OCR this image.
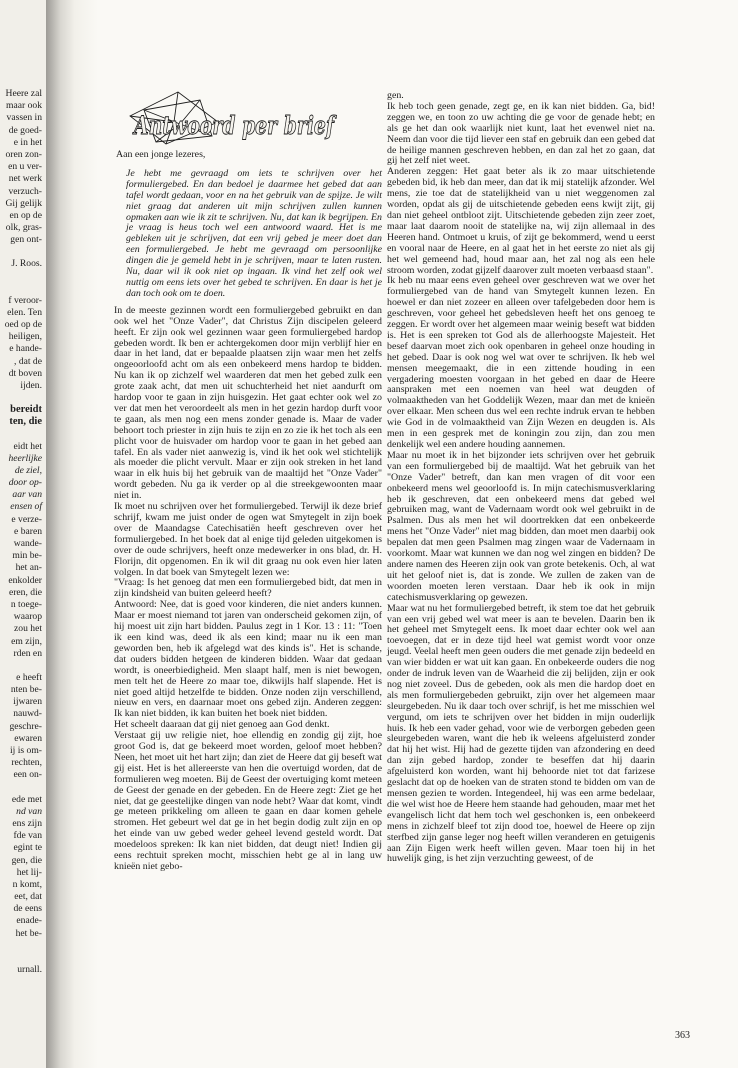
Heere zal
maar ook
vassen in
de goed-
e in het
oren zon-
en u ver-
net werk
verzuch-
Gij gelijk
en op de
olk, gras-
gen ont-
J. Roos.
f veroor-
elen. Ten
oed op de
heiligen,
e hande-
, dat de
dt boven
ijden.
bereidt
ten, die
eidt het
heerlijke
de ziel,
door op-
aar van
ensen of
e verze-
e baren
wande-
min be-
het an-
enkolder
eren, die
n toege-
waarop
zou het
em zijn,
rden en
e heeft
nten be-
ijwaren
nauwd-
geschre-
ewaren
ij is om-
rechten,
een on-
ede met
nd van
ens zijn
fde van
egint te
gen, die
het lij-
n komt,
eet, dat
de eens
enade-
het be-
urnall.
Antwoord per brief

Aan een jonge lezeres,

Je hebt me gevraagd om iets te schrijven over het formuliergebed. En dan bedoel je daarmee het gebed dat aan tafel wordt gedaan, voor en na het gebruik van de spijze. Je wilt niet graag dat anderen uit mijn schrijven zullen kunnen opmaken aan wie ik zit te schrijven. Nu, dat kan ik begrijpen. En je vraag is heus toch wel een antwoord waard. Het is me gebleken uit je schrijven, dat een vrij gebed je meer doet dan een formuliergebed. Je hebt me gevraagd om persoonlijke dingen die je gemeld hebt in je schrijven, maar te laten rusten. Nu, daar wil ik ook niet op ingaan. Ik vind het zelf ook wel nuttig om eens iets over het gebed te schrijven. En daar is het je dan toch ook om te doen.

In de meeste gezinnen wordt een formuliergebed gebruikt en dan ook wel het "Onze Vader", dat Christus Zijn discipelen geleerd heeft. Er zijn ook wel gezinnen waar geen formuliergebed hardop gebeden wordt. Ik ben er achtergekomen door mijn verblijf hier en daar in het land, dat er bepaalde plaatsen zijn waar men het zelfs ongeoorloofd acht om als een onbekeerd mens hardop te bidden. Nu kan ik op zichzelf wel waarderen dat men het gebed zulk een grote zaak acht, dat men uit schuchterheid het niet aandurft om hardop voor te gaan in zijn huisgezin. Het gaat echter ook wel zo ver dat men het veroordeelt als men in het gezin hardop durft voor te gaan, als men nog een mens zonder genade is. Maar de vader behoort toch priester in zijn huis te zijn en zo zie ik het toch als een plicht voor de huisvader om hardop voor te gaan in het gebed aan tafel. En als vader niet aanwezig is, vind ik het ook wel stichtelijk als moeder die plicht vervult. Maar er zijn ook streken in het land waar in elk huis bij het gebruik van de maaltijd het "Onze Vader" wordt gebeden. Nu ga ik verder op al die streekgewoonten maar niet in.

Ik moet nu schrijven over het formuliergebed. Terwijl ik deze brief schrijf, kwam me juist onder de ogen wat Smytegelt in zijn boek over de Maandagse Catechisatiën heeft geschreven over het formuliergebed. In het boek dat al enige tijd geleden uitgekomen is over de oude schrijvers, heeft onze medewerker in ons blad, dr. H. Florijn, dit opgenomen. En ik wil dit graag nu ook even hier laten volgen. In dat boek van Smytegelt lezen we:

"Vraag: Is het genoeg dat men een formuliergebed bidt, dat men in zijn kindsheid van buiten geleerd heeft?

Antwoord: Nee, dat is goed voor kinderen, die niet anders kunnen. Maar er moest niemand tot jaren van onderscheid gekomen zijn, of hij moest uit zijn hart bidden. Paulus zegt in 1 Kor. 13 : 11: "Toen ik een kind was, deed ik als een kind; maar nu ik een man geworden ben, heb ik afgelegd wat des kinds is". Het is schande, dat ouders bidden hetgeen de kinderen bidden. Waar dat gedaan wordt, is oneerbiedigheid. Men slaapt half, men is niet bewogen, men telt het de Heere zo maar toe, dikwijls half slapende. Het is niet goed altijd hetzelfde te bidden. Onze noden zijn verschillend, nieuw en vers, en daarnaar moet ons gebed zijn. Anderen zeggen: Ik kan niet bidden, ik kan buiten het boek niet bidden.

Het scheelt daaraan dat gij niet genoeg aan God denkt.

Verstaat gij uw religie niet, hoe ellendig en zondig gij zijt, hoe groot God is, dat ge bekeerd moet worden, geloof moet hebben? Neen, het moet uit het hart zijn; dan ziet de Heere dat gij beseft wat gij eist. Het is het allereerste van hen die overtuigd worden, dat de formulieren weg moeten. Bij de Geest der overtuiging komt meteen de Geest der genade en der gebeden. En de Heere zegt: Ziet ge het niet, dat ge geestelijke dingen van node hebt? Waar dat komt, vindt ge meteen prikkeling om alleen te gaan en daar komen gehele stromen. Het gebeurt wel dat ge in het begin dodig zult zijn en op het einde van uw gebed weder geheel levend gesteld wordt. Dat moedeloos spreken: Ik kan niet bidden, dat deugt niet! Indien gij eens rechtuit spreken mocht, misschien hebt ge al in lang uw knieën niet gebo-

gen.

Ik heb toch geen genade, zegt ge, en ik kan niet bidden. Ga, bid! zeggen we, en toon zo uw achting die ge voor de genade hebt; en als ge het dan ook waarlijk niet kunt, laat het evenwel niet na. Neem dan voor die tijd liever een staf en gebruik dan een gebed dat de heilige mannen geschreven hebben, en dan zal het zo gaan, dat gij het zelf niet weet.

Anderen zeggen: Het gaat beter als ik zo maar uitschietende gebeden bid, ik heb dan meer, dan dat ik mij statelijk afzonder. Wel mens, zie toe dat de statelijkheid van u niet weggenomen zal worden, opdat als gij de uitschietende gebeden eens kwijt zijt, gij dan niet geheel ontbloot zijt. Uitschietende gebeden zijn zeer zoet, maar laat daarom nooit de statelijke na, wij zijn allemaal in des Heeren hand. Ontmoet u kruis, of zijt ge bekommerd, wend u eerst en vooral naar de Heere, en al gaat het in het eerste zo niet als gij het wel gemeend had, houd maar aan, het zal nog als een hele stroom worden, zodat gijzelf daarover zult moeten verbaasd staan".

Ik heb nu maar eens even geheel over geschreven wat we over het formuliergebed van de hand van Smytegelt kunnen lezen. En hoewel er dan niet zozeer en alleen over tafelgebeden door hem is geschreven, voor geheel het gebedsleven heeft het ons genoeg te zeggen. Er wordt over het algemeen maar weinig beseft wat bidden is. Het is een spreken tot God als de allerhoogste Majesteit. Het besef daarvan moet zich ook openbaren in geheel onze houding in het gebed. Daar is ook nog wel wat over te schrijven. Ik heb wel mensen meegemaakt, die in een zittende houding in een vergadering moesten voorgaan in het gebed en daar de Heere aanspraken met een noemen van heel wat deugden of volmaaktheden van het Goddelijk Wezen, maar dan met de knieën over elkaar. Men scheen dus wel een rechte indruk ervan te hebben wie God in de volmaaktheid van Zijn Wezen en deugden is. Als men in een gesprek met de koningin zou zijn, dan zou men denkelijk wel een andere houding aannemen.

Maar nu moet ik in het bijzonder iets schrijven over het gebruik van een formuliergebed bij de maaltijd. Wat het gebruik van het "Onze Vader" betreft, dan kan men vragen of dit voor een onbekeerd mens wel geoorloofd is. In mijn catechismusverklaring heb ik geschreven, dat een onbekeerd mens dat gebed wel gebruiken mag, want de Vadernaam wordt ook wel gebruikt in de Psalmen. Dus als men het wil doortrekken dat een onbekeerde mens het "Onze Vader" niet mag bidden, dan moet men daarbij ook bepalen dat men geen Psalmen mag zingen waar de Vadernaam in voorkomt. Maar wat kunnen we dan nog wel zingen en bidden? De andere namen des Heeren zijn ook van grote betekenis. Och, al wat uit het geloof niet is, dat is zonde. We zullen de zaken van de woorden moeten leren verstaan. Daar heb ik ook in mijn catechismusverklaring op gewezen.

Maar wat nu het formuliergebed betreft, ik stem toe dat het gebruik van een vrij gebed wel wat meer is aan te bevelen. Daarin ben ik het geheel met Smytegelt eens. Ik moet daar echter ook wel aan toevoegen, dat er in deze tijd heel wat gemist wordt voor onze jeugd. Veelal heeft men geen ouders die met genade zijn bedeeld en van wier bidden er wat uit kan gaan. En onbekeerde ouders die nog onder de indruk leven van de Waarheid die zij belijden, zijn er ook nog niet zoveel. Dus de gebeden, ook als men die hardop doet en als men formuliergebeden gebruikt, zijn over het algemeen maar sleurgebeden. Nu ik daar toch over schrijf, is het me misschien wel vergund, om iets te schrijven over het bidden in mijn ouderlijk huis. Ik heb een vader gehad, voor wie de verborgen gebeden geen sleurgebeden waren, want die heb ik weleens afgeluisterd zonder dat hij het wist. Hij had de gezette tijden van afzondering en deed dan zijn gebed hardop, zonder te beseffen dat hij daarin afgeluisterd kon worden, want hij behoorde niet tot dat farizese geslacht dat op de hoeken van de straten stond te bidden om van de mensen gezien te worden. Integendeel, hij was een arme bedelaar, die wel wist hoe de Heere hem staande had gehouden, maar met het evangelisch licht dat hem toch wel geschonken is, een onbekeerd mens in zichzelf bleef tot zijn dood toe, hoewel de Heere op zijn sterfbed zijn ganse leger nog heeft willen veranderen en getuigenis aan Zijn Eigen werk heeft willen geven. Maar toen hij in het huwelijk ging, is het zijn verzuchting geweest, of de

363
